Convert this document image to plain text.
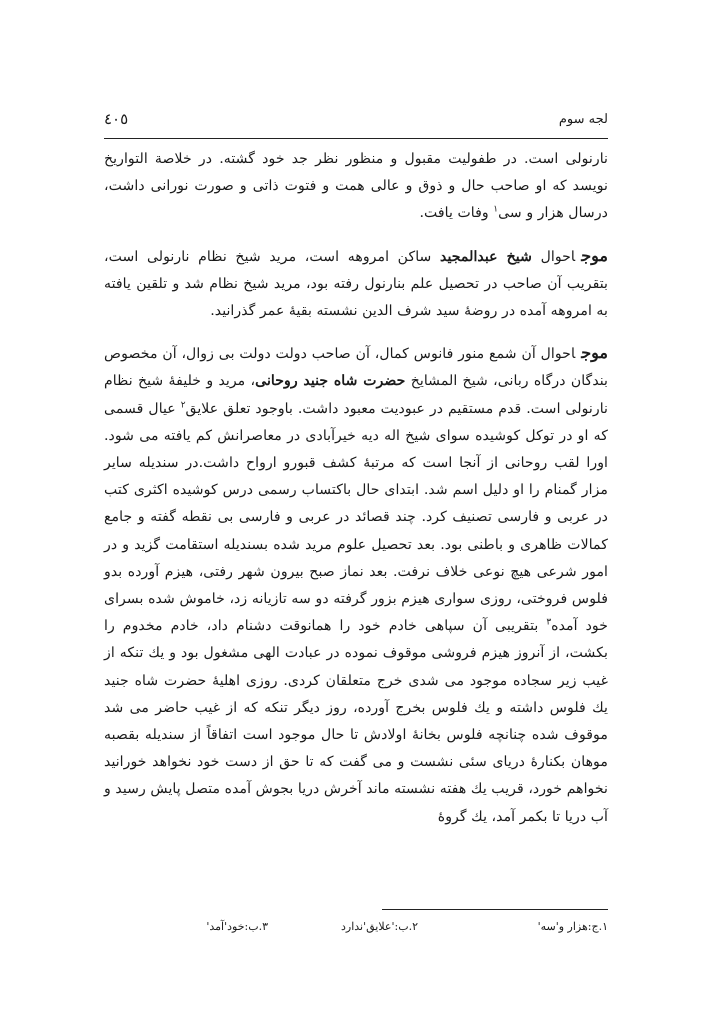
لجه سوم
٤٠٥

نارنولی است. در طفولیت مقبول و منظور نظر جد خود گشته. در خلاصة التواریخ نویسد که او صاحب حال و ذوق و عالی همت و فتوت ذاتی و صورت نورانی داشت، درسال هزار و سی$^۱$ وفات یافت.

موجاحوال شیخ عبدالمجید ساکن امروهه است، مرید شیخ نظام نارنولی است، بتقریب آن صاحب در تحصیل علم بنارنول رفته بود، مرید شیخ نظام شد و تلقین یافته به امروهه آمده در روضهٔ سید شرف الدین نشسته بقیهٔ عمر گذرانید.

موجاحوال آن شمع منور فانوس کمال، آن صاحب دولت دولت بی زوال، آن مخصوص بندگان درگاه ربانی، شیخ المشایخ حضرت شاه جنید روحانی، مرید و خلیفهٔ شیخ نظام نارنولی است. قدم مستقیم در عبودیت معبود داشت. باوجود تعلق علایق$^۲$ عیال قسمی که او در توکل کوشیده سوای شیخ اله دیه خیرآبادی در معاصرانش کم یافته می شود. اورا لقب روحانی از آنجا است که مرتبهٔ کشف قبورو ارواح داشت.در سندیله سایر مزار گمنام را او دلیل اسم شد. ابتدای حال باکتساب رسمی درس کوشیده اکثری کتب در عربی و فارسی تصنیف کرد. چند قصائد در عربی و فارسی بی نقطه گفته و جامع کمالات ظاهری و باطنی بود. بعد تحصیل علوم مرید شده بسندیله استقامت گزید و در امور شرعی هیچ نوعی خلاف نرفت. بعد نماز صبح بیرون شهر رفتی، هیزم آورده بدو فلوس فروختی، روزی سواری هیزم بزور گرفته دو سه تازیانه زد، خاموش شده بسرای خود آمده$^۳$ بتقریبی آن سپاهی خادم خود را همانوقت دشنام داد، خادم مخدوم را بکشت، از آنروز هیزم فروشی موقوف نموده در عبادت الهی مشغول بود و یك تنکه از غیب زیر سجاده موجود می شدی خرج متعلقان کردی. روزی اهلیهٔ حضرت شاه جنید یك فلوس داشته و یك فلوس بخرج آورده، روز دیگر تنکه که از غیب حاضر می شد موقوف شده چنانچه فلوس بخانهٔ اولادش تا حال موجود است اتفاقاً از سندیله بقصبه موهان بکنارهٔ دریای سئی نشست و می گفت که تا حق از دست خود نخواهد خورانید نخواهم خورد، قریب یك هفته نشسته ماند آخرش دریا بجوش آمده متصل پایش رسید و آب دریا تا بکمر آمد، یك گروهٔ

۱.ج:هزار و'سه'
۲.ب:'علایق'ندارد
۳.ب:خود'آمد'
